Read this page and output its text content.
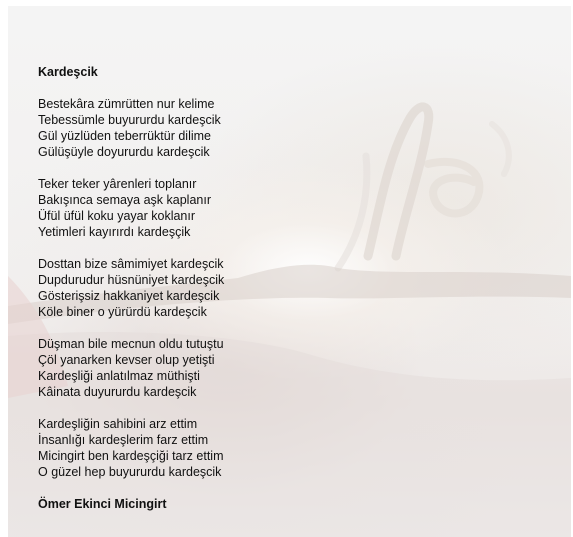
Kardeşcik
Bestekâra zümrütten nur kelime
Tebessümle buyururdu kardeşcik
Gül yüzlüden teberrüktür dilime
Gülüşüyle doyururdu kardeşcik
Teker teker yârenleri toplanır
Bakışınca semaya aşk kaplanır
Üfül üfül koku yayar koklanır
Yetimleri kayırırdı kardeşçik
Dosttan bize sâmimiyet kardeşcik
Dupdurudur hüsnüniyet kardeşcik
Gösterişsiz hakkaniyet kardeşcik
Köle biner o yürürdü kardeşcik
Düşman bile mecnun oldu tutuştu
Çöl yanarken kevser olup yetişti
Kardeşliği anlatılmaz müthişti
Kâinata duyururdu kardeşcik
Kardeşliğin sahibini arz ettim
İnsanlığı kardeşlerim farz ettim
Micingirt ben kardeşçiği tarz ettim
O güzel hep buyururdu kardeşcik
Ömer Ekinci Micingirt
